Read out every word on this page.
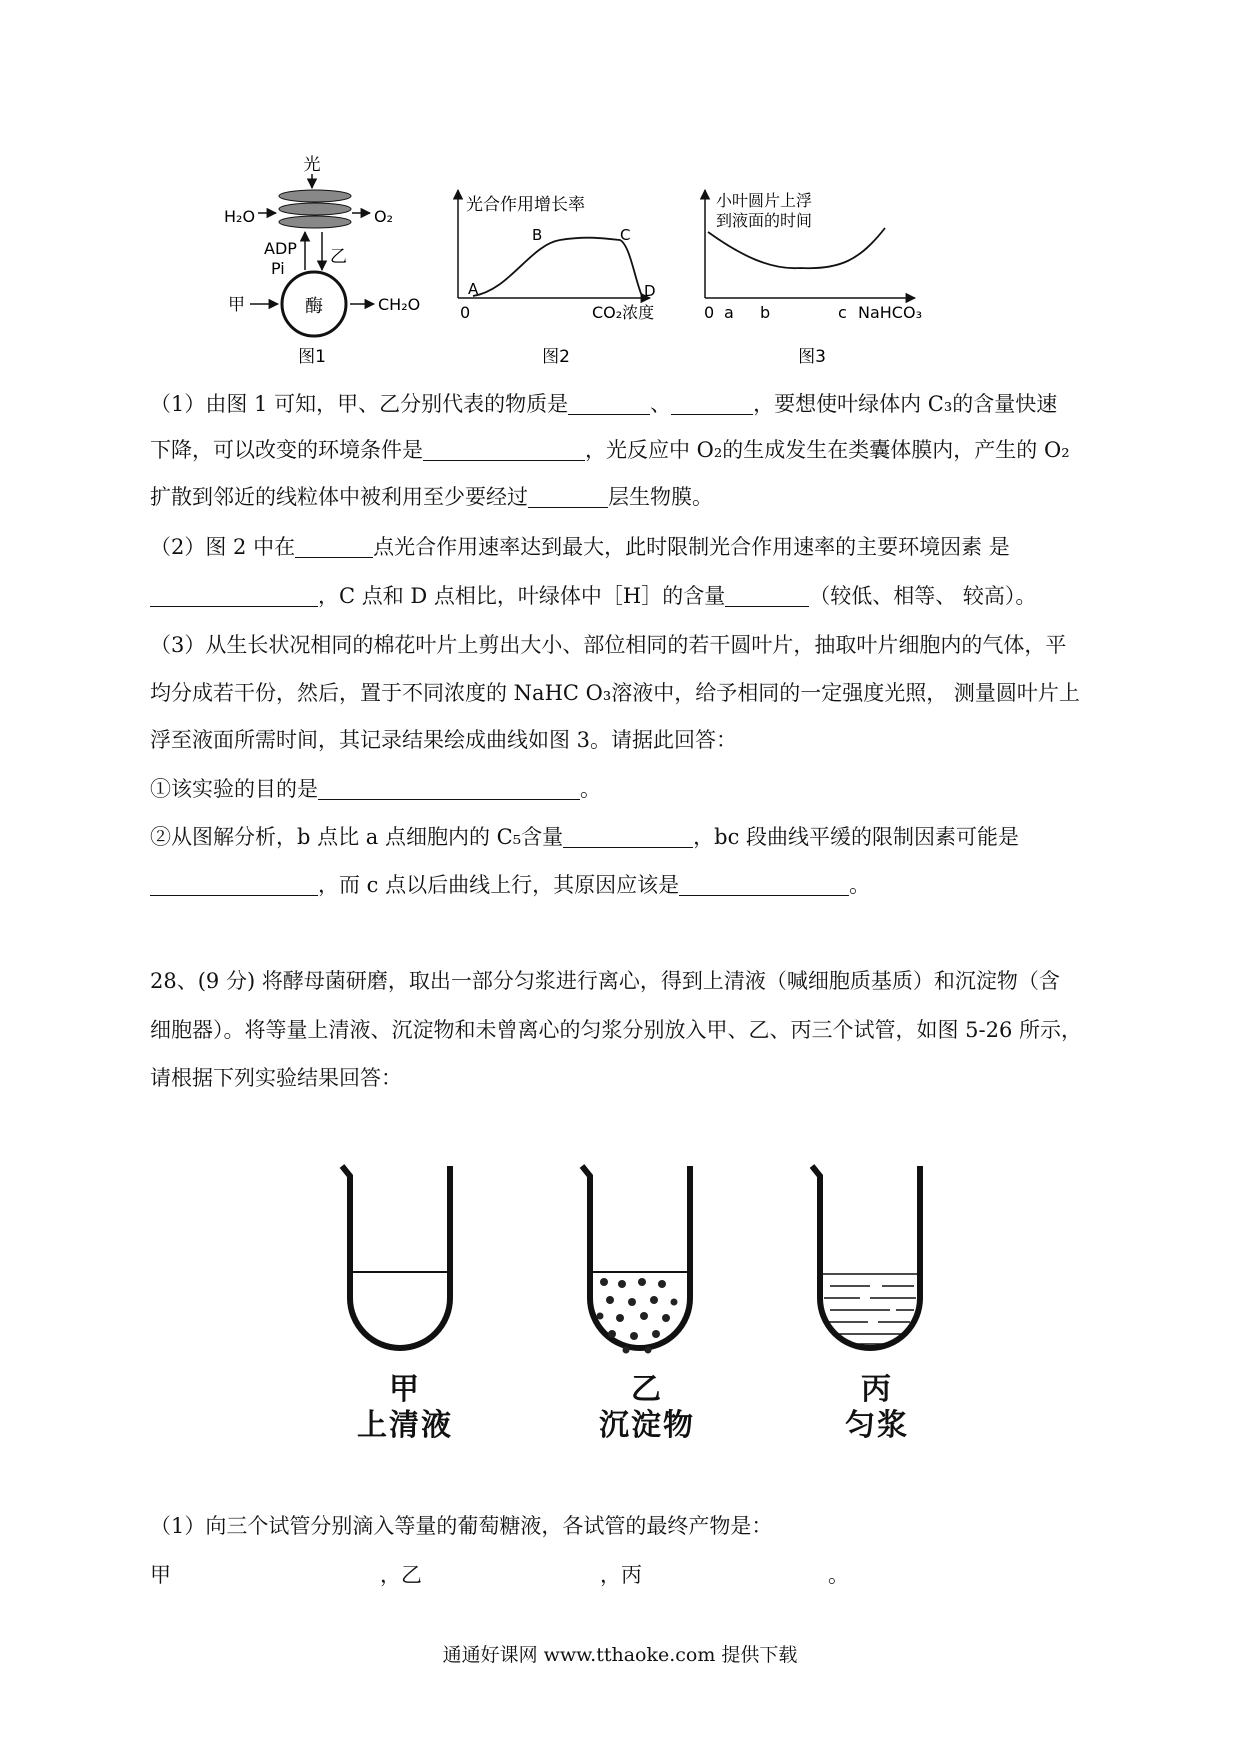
光
H₂O	O₂
ADP
Pi
乙
酶
甲	CH₂O
图1
光合作用增长率
0	CO₂浓度
A
B	C
D
图2
小叶圆片上浮
到液面的时间
0 a b	c NaHCO₃
图3
（1）由图 1 可知，甲、乙分别代表的物质是	、	，要想使叶绿体内 C₃的含量快速
下降，可以改变的环境条件是	，光反应中 O₂的生成发生在类囊体膜内，产生的 O₂
扩散到邻近的线粒体中被利用至少要经过	层生物膜。
（2）图 2 中在	点光合作用速率达到最大，此时限制光合作用速率的主要环境因素 是
，C 点和 D 点相比，叶绿体中［H］的含量	（较低、相等、 较高）。
（3）从生长状况相同的棉花叶片上剪出大小、部位相同的若干圆叶片，抽取叶片细胞内的气体，平
均分成若干份，然后，置于不同浓度的 NaHC O₃溶液中，给予相同的一定强度光照， 测量圆叶片上
浮至液面所需时间，其记录结果绘成曲线如图 3。请据此回答：
①该实验的目的是	。
②从图解分析，b 点比 a 点细胞内的 C₅含量	，bc 段曲线平缓的限制因素可能是
，而 c 点以后曲线上行，其原因应该是	。
28、(9 分) 将酵母菌研磨，取出一部分匀浆进行离心，得到上清液（喊细胞质基质）和沉淀物（含
细胞器）。将等量上清液、沉淀物和未曾离心的匀浆分别放入甲、乙、丙三个试管，如图 5-26 所示，
请根据下列实验结果回答：
甲	乙	丙
上清液	沉淀物	匀浆
（1）向三个试管分别滴入等量的葡萄糖液，各试管的最终产物是：
甲	，乙	，丙	。
通通好课网 www.tthaoke.com 提供下载
